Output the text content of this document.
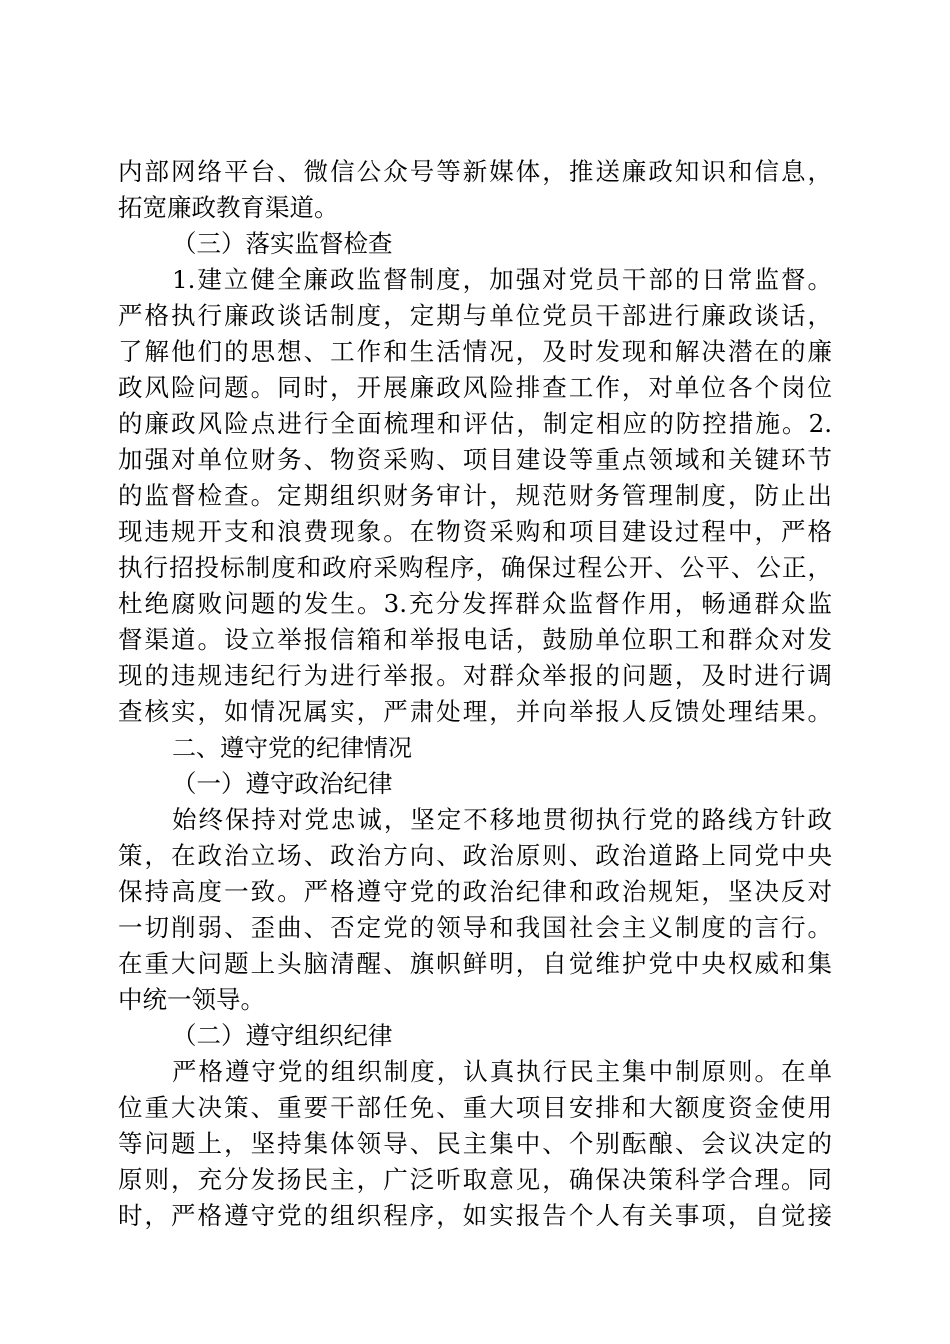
内部网络平台、微信公众号等新媒体，推送廉政知识和信息，
拓宽廉政教育渠道。
（三）落实监督检查
1.建立健全廉政监督制度，加强对党员干部的日常监督。
严格执行廉政谈话制度，定期与单位党员干部进行廉政谈话，
了解他们的思想、工作和生活情况，及时发现和解决潜在的廉
政风险问题。同时，开展廉政风险排查工作，对单位各个岗位
的廉政风险点进行全面梳理和评估，制定相应的防控措施。2.
加强对单位财务、物资采购、项目建设等重点领域和关键环节
的监督检查。定期组织财务审计，规范财务管理制度，防止出
现违规开支和浪费现象。在物资采购和项目建设过程中，严格
执行招投标制度和政府采购程序，确保过程公开、公平、公正，
杜绝腐败问题的发生。3.充分发挥群众监督作用，畅通群众监
督渠道。设立举报信箱和举报电话，鼓励单位职工和群众对发
现的违规违纪行为进行举报。对群众举报的问题，及时进行调
查核实，如情况属实，严肃处理，并向举报人反馈处理结果。
二、遵守党的纪律情况
（一）遵守政治纪律
始终保持对党忠诚，坚定不移地贯彻执行党的路线方针政
策，在政治立场、政治方向、政治原则、政治道路上同党中央
保持高度一致。严格遵守党的政治纪律和政治规矩，坚决反对
一切削弱、歪曲、否定党的领导和我国社会主义制度的言行。
在重大问题上头脑清醒、旗帜鲜明，自觉维护党中央权威和集
中统一领导。
（二）遵守组织纪律
严格遵守党的组织制度，认真执行民主集中制原则。在单
位重大决策、重要干部任免、重大项目安排和大额度资金使用
等问题上，坚持集体领导、民主集中、个别酝酿、会议决定的
原则，充分发扬民主，广泛听取意见，确保决策科学合理。同
时，严格遵守党的组织程序，如实报告个人有关事项，自觉接
